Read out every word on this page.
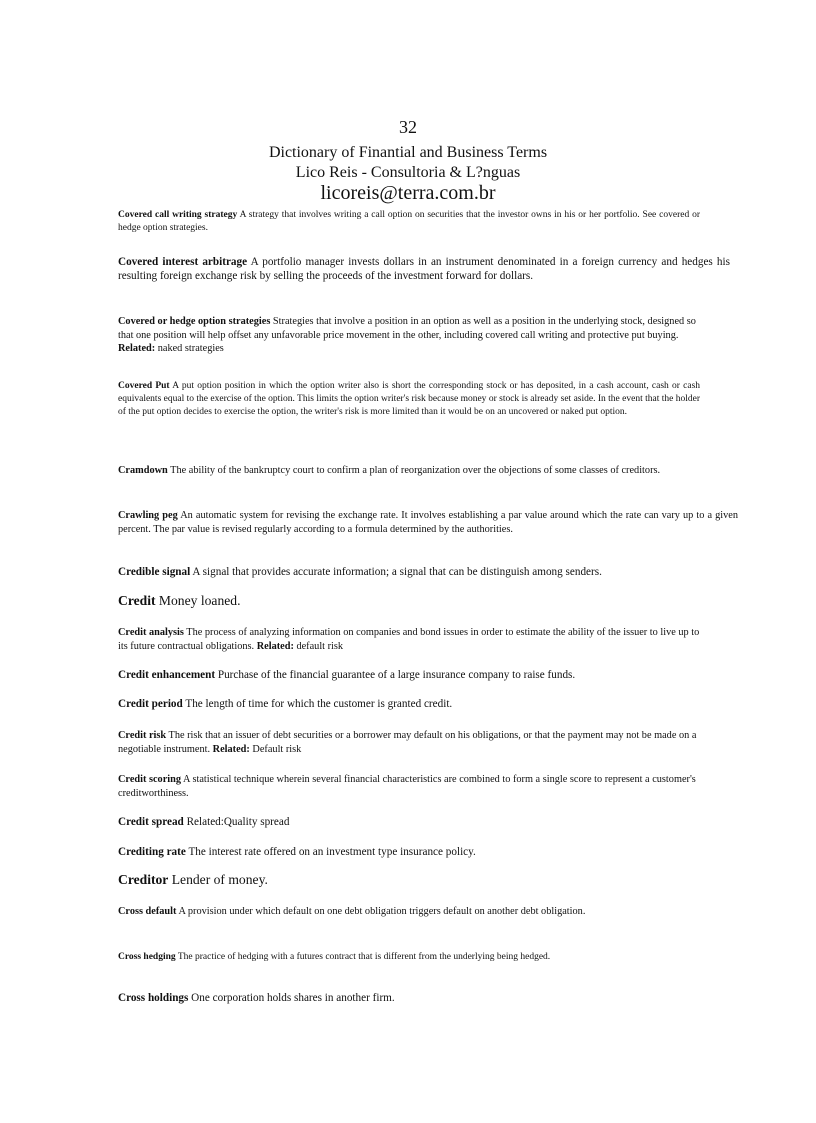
32
Dictionary of Finantial and Business Terms
Lico Reis - Consultoria & L?nguas
licoreis@terra.com.br

Covered call writing strategy A strategy that involves writing a call option on securities that the investor owns in his or her portfolio. See covered or hedge option strategies.

Covered interest arbitrage A portfolio manager invests dollars in an instrument denominated in a foreign currency and hedges his resulting foreign exchange risk by selling the proceeds of the investment forward for dollars.

Covered or hedge option strategies Strategies that involve a position in an option as well as a position in the underlying stock, designed so that one position will help offset any unfavorable price movement in the other, including covered call writing and protective put buying. Related: naked strategies

Covered Put A put option position in which the option writer also is short the corresponding stock or has deposited, in a cash account, cash or cash equivalents equal to the exercise of the option. This limits the option writer's risk because money or stock is already set aside. In the event that the holder of the put option decides to exercise the option, the writer's risk is more limited than it would be on an uncovered or naked put option.

Cramdown The ability of the bankruptcy court to confirm a plan of reorganization over the objections of some classes of creditors.

Crawling peg An automatic system for revising the exchange rate. It involves establishing a par value around which the rate can vary up to a given percent. The par value is revised regularly according to a formula determined by the authorities.

Credible signal A signal that provides accurate information; a signal that can be distinguish among senders.

Credit Money loaned.

Credit analysis The process of analyzing information on companies and bond issues in order to estimate the ability of the issuer to live up to its future contractual obligations. Related: default risk

Credit enhancement Purchase of the financial guarantee of a large insurance company to raise funds.

Credit period The length of time for which the customer is granted credit.

Credit risk The risk that an issuer of debt securities or a borrower may default on his obligations, or that the payment may not be made on a negotiable instrument. Related: Default risk

Credit scoring A statistical technique wherein several financial characteristics are combined to form a single score to represent a customer's creditworthiness.

Credit spread Related:Quality spread

Crediting rate The interest rate offered on an investment type insurance policy.

Creditor Lender of money.

Cross default A provision under which default on one debt obligation triggers default on another debt obligation.

Cross hedging The practice of hedging with a futures contract that is different from the underlying being hedged.

Cross holdings One corporation holds shares in another firm.
